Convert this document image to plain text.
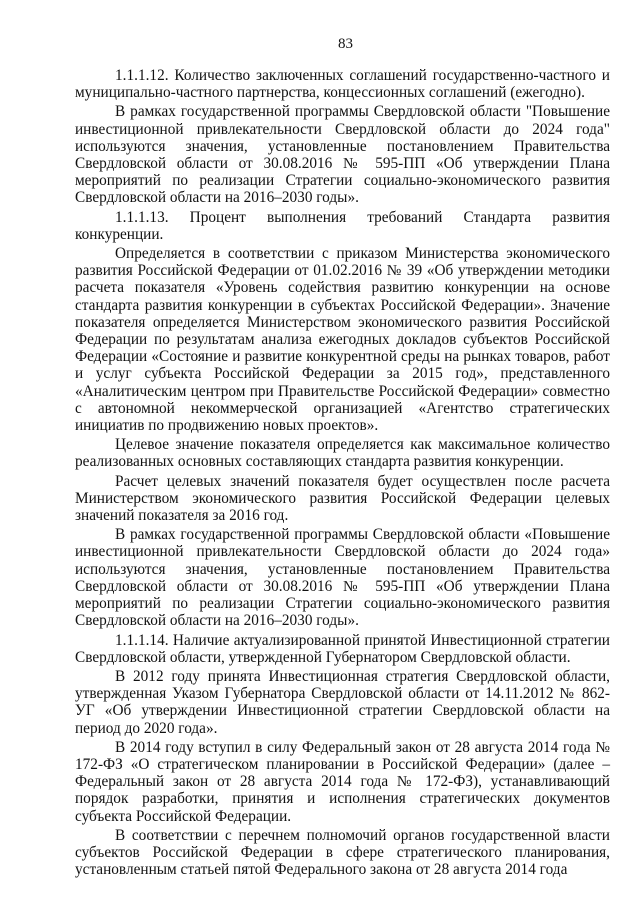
83

1.1.1.12. Количество заключенных соглашений государственно-частного и муниципально-частного партнерства, концессионных соглашений (ежегодно).

В рамках государственной программы Свердловской области "Повышение инвестиционной привлекательности Свердловской области до 2024 года" используются значения, установленные постановлением Правительства Свердловской области от 30.08.2016 № 595-ПП «Об утверждении Плана мероприятий по реализации Стратегии социально-экономического развития Свердловской области на 2016–2030 годы».

1.1.1.13. Процент выполнения требований Стандарта развития конкуренции.

Определяется в соответствии с приказом Министерства экономического развития Российской Федерации от 01.02.2016 № 39 «Об утверждении методики расчета показателя «Уровень содействия развитию конкуренции на основе стандарта развития конкуренции в субъектах Российской Федерации». Значение показателя определяется Министерством экономического развития Российской Федерации по результатам анализа ежегодных докладов субъектов Российской Федерации «Состояние и развитие конкурентной среды на рынках товаров, работ и услуг субъекта Российской Федерации за 2015 год», представленного «Аналитическим центром при Правительстве Российской Федерации» совместно с автономной некоммерческой организацией «Агентство стратегических инициатив по продвижению новых проектов».

Целевое значение показателя определяется как максимальное количество реализованных основных составляющих стандарта развития конкуренции.

Расчет целевых значений показателя будет осуществлен после расчета Министерством экономического развития Российской Федерации целевых значений показателя за 2016 год.

В рамках государственной программы Свердловской области «Повышение инвестиционной привлекательности Свердловской области до 2024 года» используются значения, установленные постановлением Правительства Свердловской области от 30.08.2016 № 595-ПП «Об утверждении Плана мероприятий по реализации Стратегии социально-экономического развития Свердловской области на 2016–2030 годы».

1.1.1.14. Наличие актуализированной принятой Инвестиционной стратегии Свердловской области, утвержденной Губернатором Свердловской области.

В 2012 году принята Инвестиционная стратегия Свердловской области, утвержденная Указом Губернатора Свердловской области от 14.11.2012 № 862-УГ «Об утверждении Инвестиционной стратегии Свердловской области на период до 2020 года».

В 2014 году вступил в силу Федеральный закон от 28 августа 2014 года № 172-ФЗ «О стратегическом планировании в Российской Федерации» (далее – Федеральный закон от 28 августа 2014 года № 172-ФЗ), устанавливающий порядок разработки, принятия и исполнения стратегических документов субъекта Российской Федерации.

В соответствии с перечнем полномочий органов государственной власти субъектов Российской Федерации в сфере стратегического планирования, установленным статьей пятой Федерального закона от 28 августа 2014 года
